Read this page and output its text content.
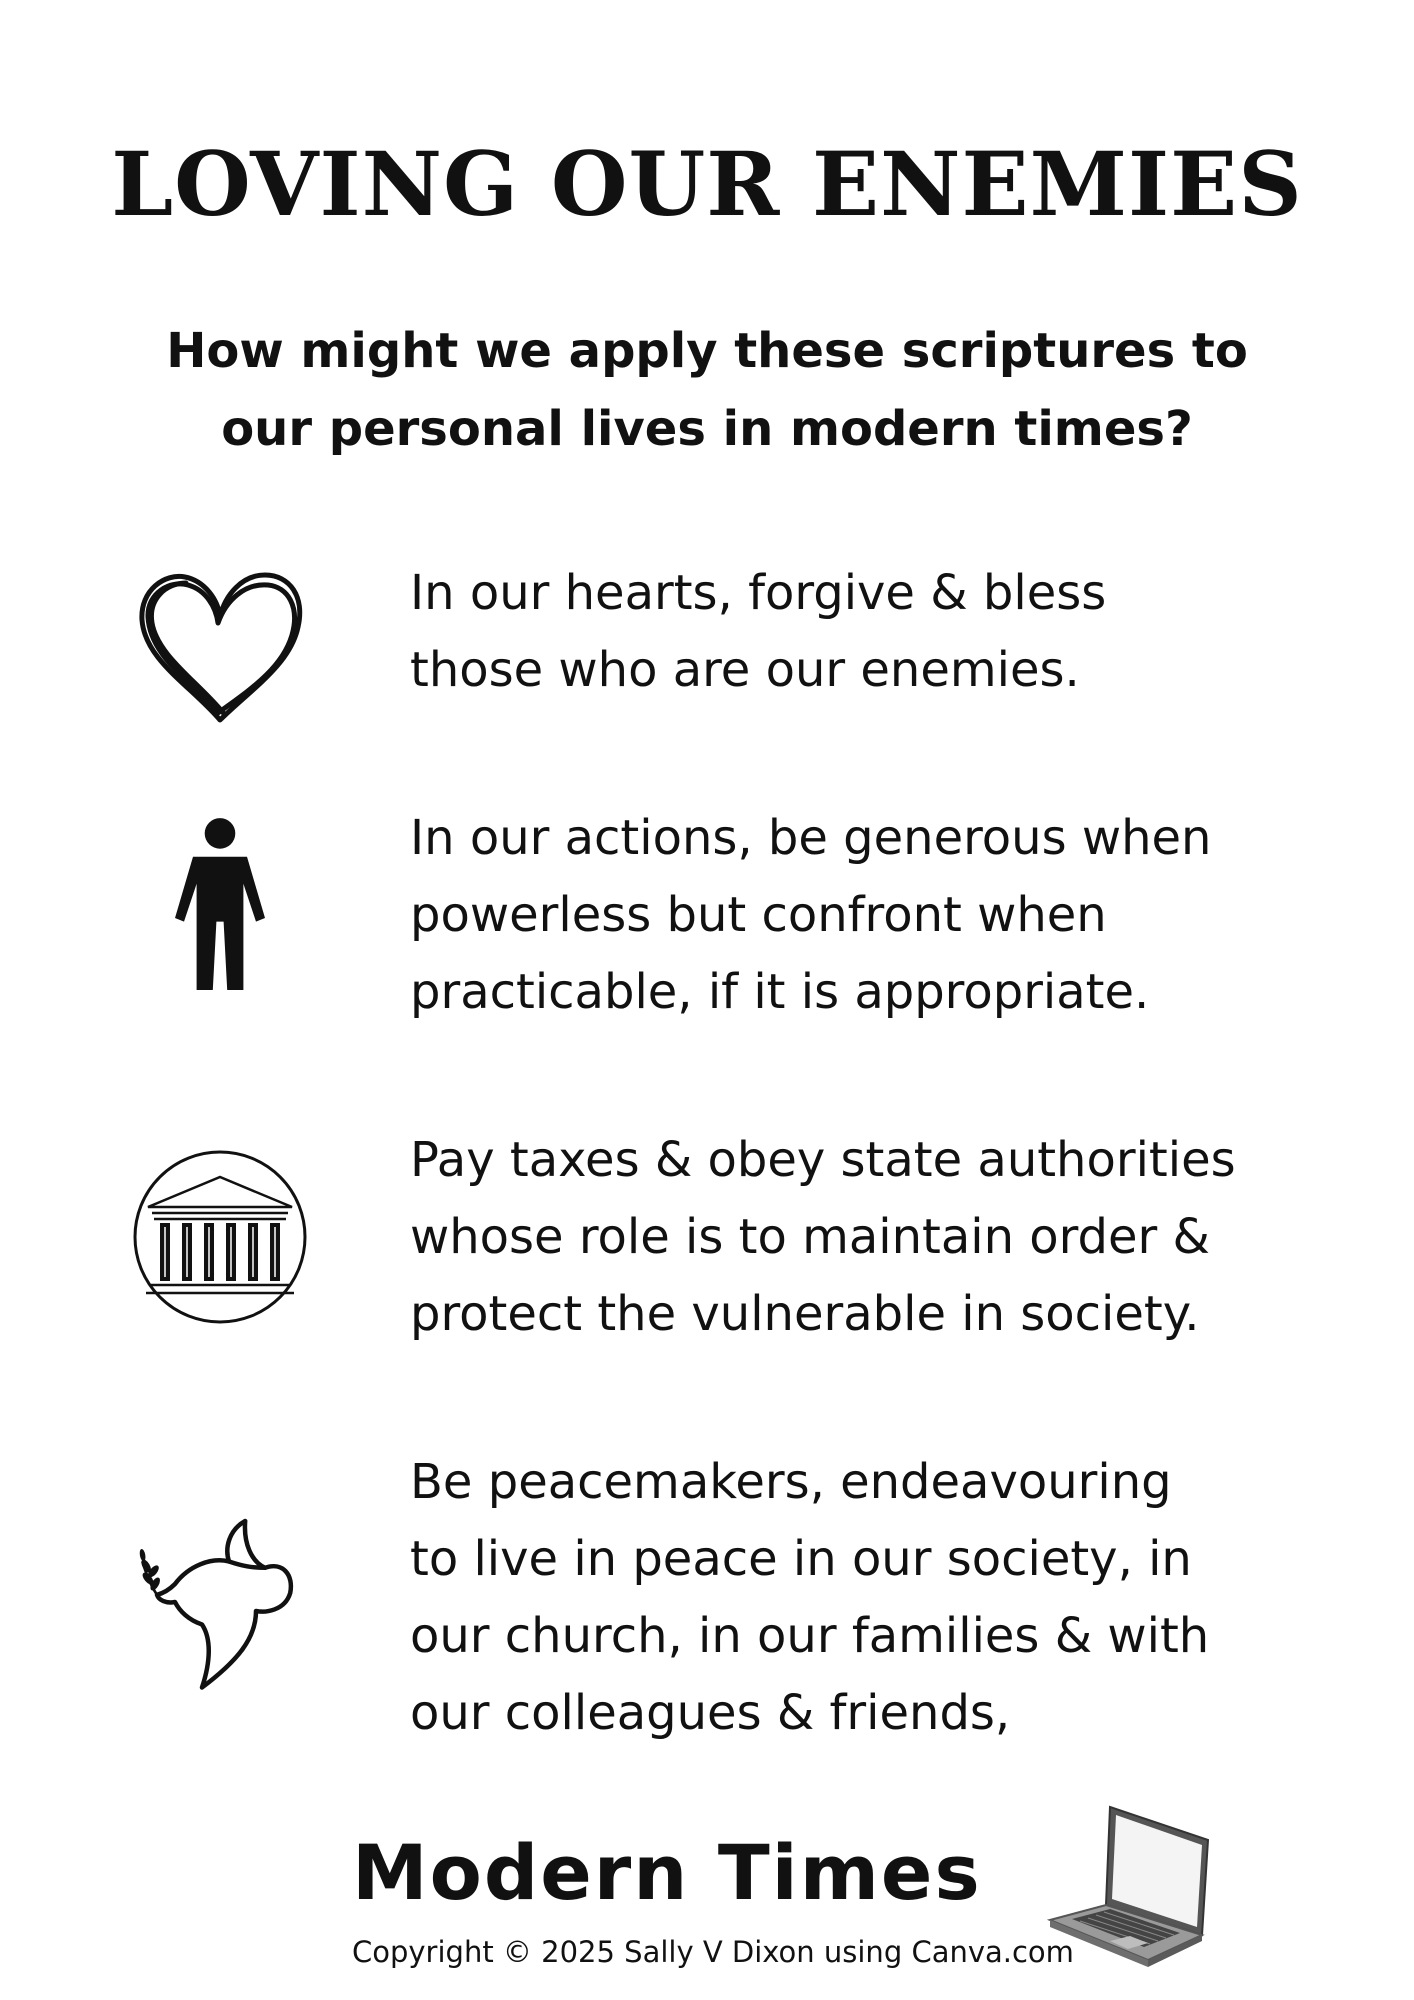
LOVING OUR ENEMIES
How might we apply these scriptures to
our personal lives in modern times?
In our hearts, forgive & bless
those who are our enemies.
In our actions, be generous when
powerless but confront when
practicable, if it is appropriate.
Pay taxes & obey state authorities
whose role is to maintain order &
protect the vulnerable in society.
Be peacemakers, endeavouring
to live in peace in our society, in
our church, in our families & with
our colleagues & friends,
Modern Times
Copyright © 2025 Sally V Dixon using Canva.com
